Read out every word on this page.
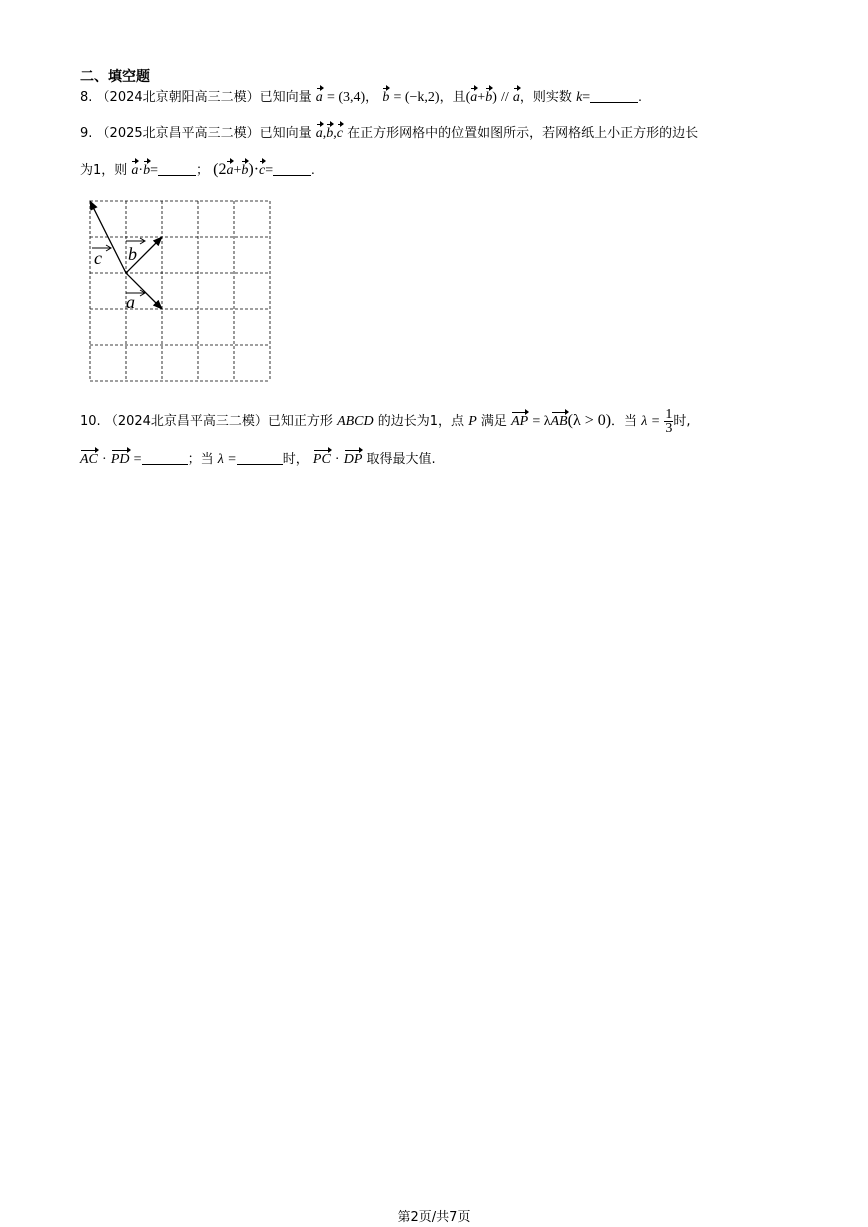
二、填空题
8. （2024北京朝阳高三二模）已知向量 a = (3,4)， b = (−k,2)，且(a+b) // a，则实数 k=	.
9. （2025北京昌平高三二模）已知向量 a,b,c 在正方形网格中的位置如图所示，若网格纸上小正方形的边长
为1，则 a·b=	； (2a+b)·c=	.
c b
a
10. （2024北京昌平高三二模）已知正方形 ABCD 的边长为1，点 P 满足 AP = λAB(λ > 0)．当 $\lambda = \frac{1}{3}$ 时,
AC · PD =	；当 λ =	时， PC · DP 取得最大值.
第2页/共7页
